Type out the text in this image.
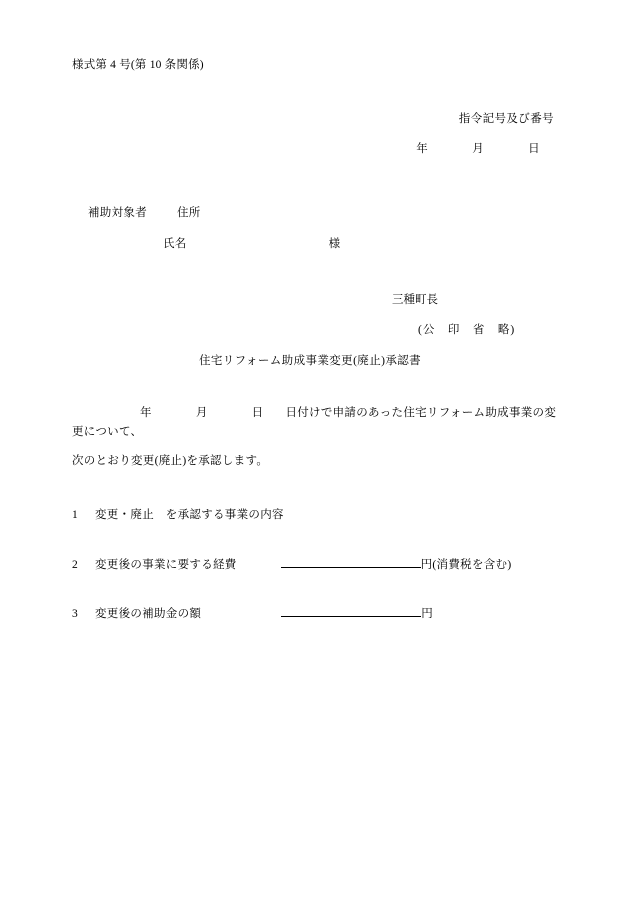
様式第 4 号(第 10 条関係)
指令記号及び番号
年	月	日
補助対象者	住所
氏名	様
三種町長
(公　印　省　略)
住宅リフォーム助成事業変更(廃止)承認書
年	月	日 日付けで申請のあった住宅リフォーム助成事業の変更について、
次のとおり変更(廃止)を承認します。
1 変更・廃止　を承認する事業の内容
2 変更後の事業に要する経費	円(消費税を含む)
3 変更後の補助金の額	円
